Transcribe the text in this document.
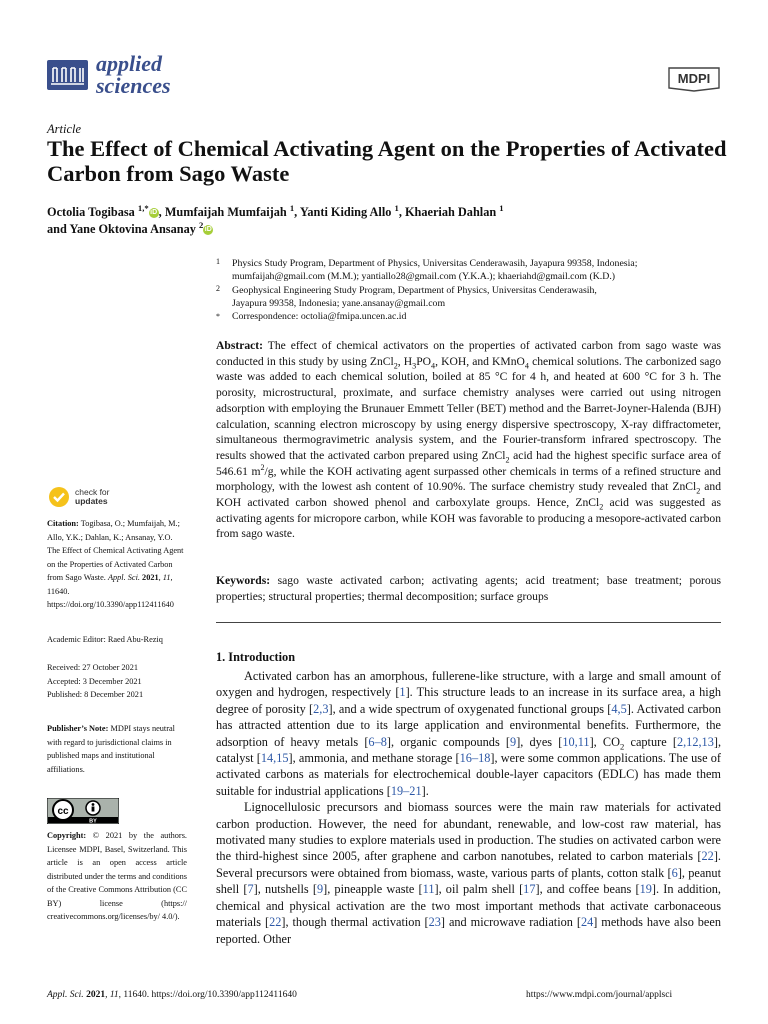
applied
sciences	MDPI
Article
The Effect of Chemical Activating Agent on the Properties of Activated Carbon from Sago Waste
Octolia Togibasa $^{1,*}$ iD , Mumfaijah Mumfaijah $^1$, Yanti Kiding Allo $^1$, Khaeriah Dahlan $^1$
and Yane Oktovina Ansanay $^2$ iD
1 Physics Study Program, Department of Physics, Universitas Cenderawasih, Jayapura 99358, Indonesia;
mumfaijah@gmail.com (M.M.); yantiallo28@gmail.com (Y.K.A.); khaeriahd@gmail.com (K.D.)
2 Geophysical Engineering Study Program, Department of Physics, Universitas Cenderawasih,
Jayapura 99358, Indonesia; yane.ansanay@gmail.com
* Correspondence: octolia@fmipa.uncen.ac.id
Abstract: The effect of chemical activators on the properties of activated carbon from sago waste was conducted in this study by using ZnCl$_2$, $H_3PO_4$, KOH, and KMnO$_4$ chemical solutions. The carbonized sago waste was added to each chemical solution, boiled at 85 °C for 4 h, and heated at 600 °C for 3 h. The porosity, microstructural, proximate, and surface chemistry analyses were carried out using nitrogen adsorption with employing the Brunauer Emmett Teller (BET) method and the Barret-Joyner-Halenda (BJH) calculation, scanning electron microscopy by using energy dispersive spectroscopy, X-ray diffractometer, simultaneous thermogravimetric analysis system, and the Fourier-transform infrared spectroscopy. The results showed that the activated carbon prepared using ZnCl$_2$ acid had the highest specific surface area of 546.61 $m^2/g$, while the KOH activating agent surpassed other chemicals in terms of a refined structure and morphology, with the lowest ash content of 10.90%. The surface chemistry study revealed that ZnCl$_2$ and KOH activated carbon showed phenol and carboxylate groups. Hence, ZnCl$_2$ acid was suggested as activating agents for micropore carbon, while KOH was favorable to producing a mesopore-activated carbon from sago waste.
Keywords: sago waste activated carbon; activating agents; acid treatment; base treatment; porous properties; structural properties; thermal decomposition; surface groups
1. Introduction

Activated carbon has an amorphous, fullerene-like structure, with a large and small amount of oxygen and hydrogen, respectively [1]. This structure leads to an increase in its surface area, a high degree of porosity [2,3], and a wide spectrum of oxygenated functional groups [4,5]. Activated carbon has attracted attention due to its large application and environmental benefits. Furthermore, the adsorption of heavy metals [6–8], organic compounds [9], dyes [10,11], $CO_2$ capture [2,12,13], catalyst [14,15], ammonia, and methane storage [16–18], were some common applications. The use of activated carbons as materials for electrochemical double-layer capacitors (EDLC) has made them suitable for industrial applications [19–21].

Lignocellulosic precursors and biomass sources were the main raw materials for activated carbon production. However, the need for abundant, renewable, and low-cost raw material, has motivated many studies to explore materials used in production. The studies on activated carbon were the third-highest since 2005, after graphene and carbon nanotubes, related to carbon materials [22]. Several precursors were obtained from biomass, waste, various parts of plants, cotton stalk [6], peanut shell [7], nutshells [9], pineapple waste [11], oil palm shell [17], and coffee beans [19]. In addition, chemical and physical activation are the two most important methods that activate carbonaceous materials [22], though thermal activation [23] and microwave radiation [24] methods have also been reported. Other

check for
updates
Citation: Togibasa, O.; Mumfaijah, M.; Allo, Y.K.; Dahlan, K.; Ansanay, Y.O. The Effect of Chemical Activating Agent on the Properties of Activated Carbon from Sago Waste. Appl. Sci. 2021, 11, 11640. https://doi.org/10.3390/app112411640
Academic Editor: Raed Abu-Reziq
Received: 27 October 2021
Accepted: 3 December 2021
Published: 8 December 2021
Publisher’s Note: MDPI stays neutral with regard to jurisdictional claims in published maps and institutional affiliations.
cc
BY
Copyright: © 2021 by the authors. Licensee MDPI, Basel, Switzerland. This article is an open access article distributed under the terms and conditions of the Creative Commons Attribution (CC BY) license (https:// creativecommons.org/licenses/by/ 4.0/).
Appl. Sci. 2021, 11, 11640. https://doi.org/10.3390/app112411640	https://www.mdpi.com/journal/applsci
